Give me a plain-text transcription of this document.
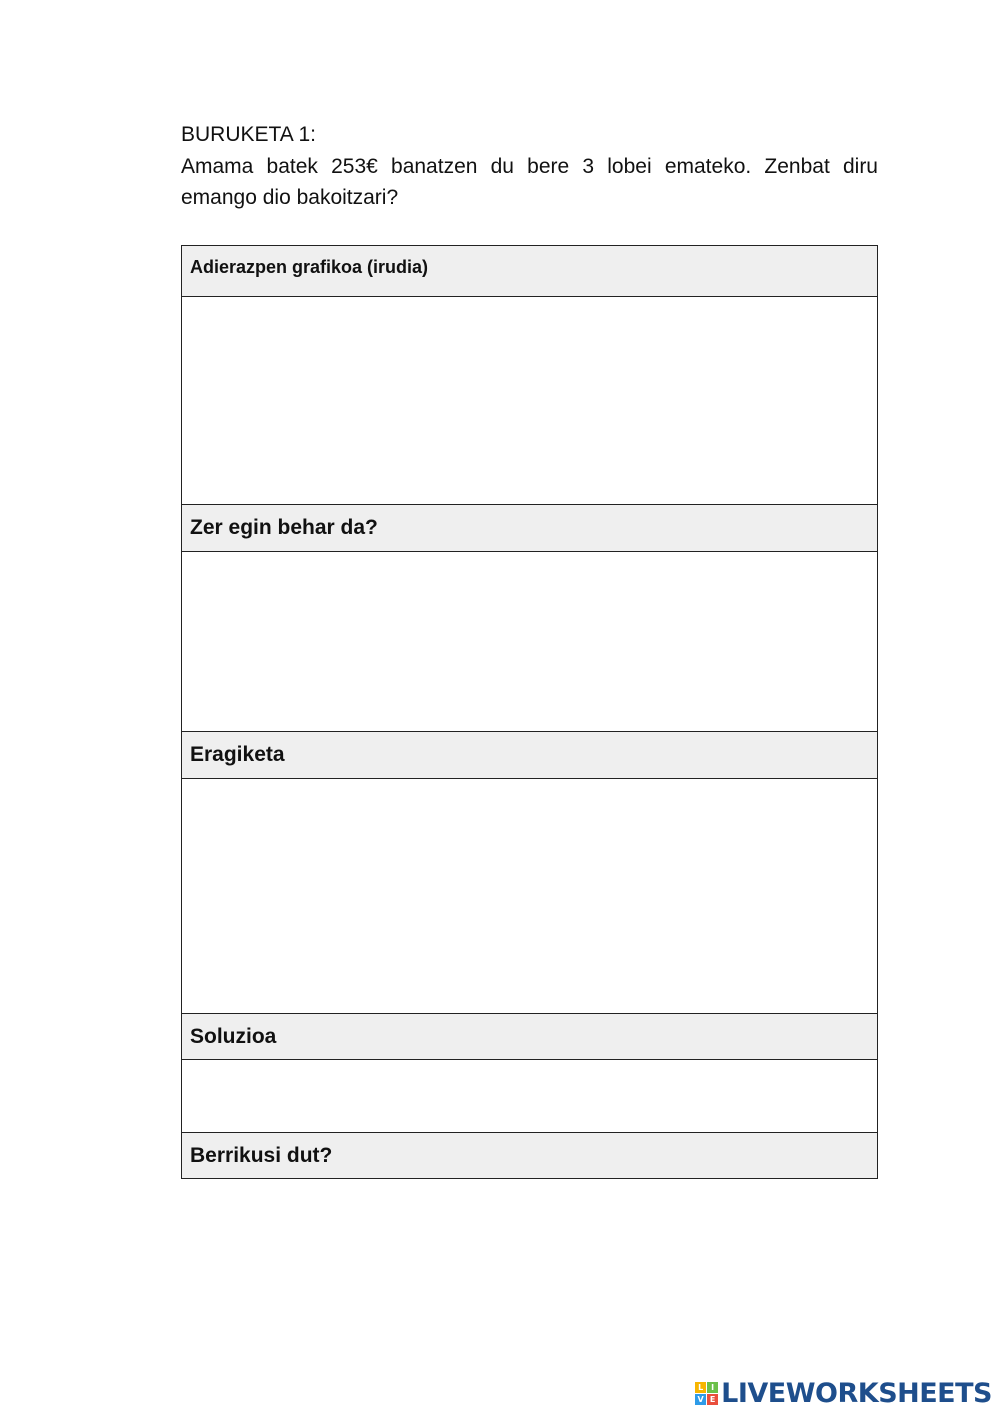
BURUKETA 1:

Amama batek 253€ banatzen du bere 3 lobei emateko. Zenbat diru emango dio bakoitzari?

Adierazpen grafikoa (irudia)
Zer egin behar da?
Eragiketa
Soluzioa
Berrikusi dut?
L I
V E LIVEWORKSHEETS
